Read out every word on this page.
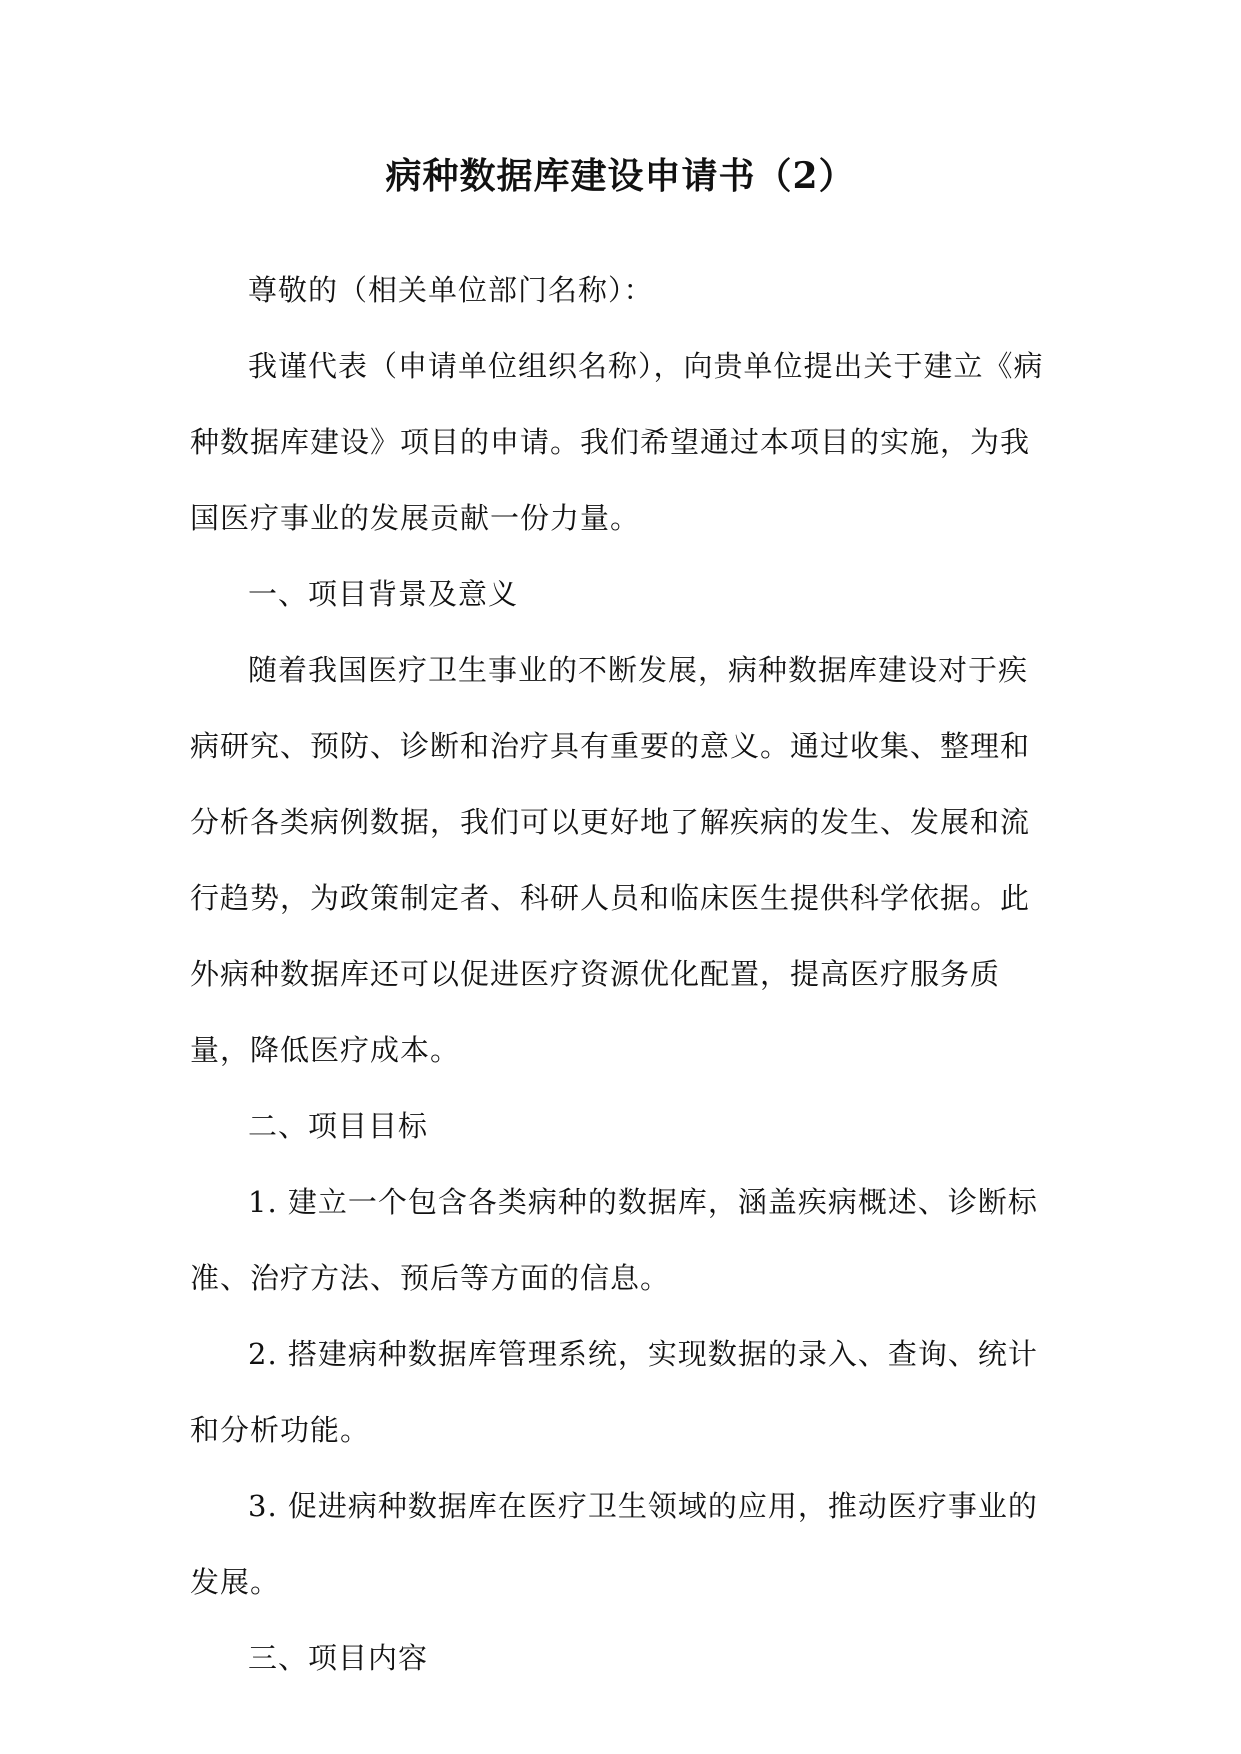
病种数据库建设申请书（2）

尊敬的（相关单位部门名称）：

我谨代表（申请单位组织名称），向贵单位提出关于建立《病种数据库建设》项目的申请。我们希望通过本项目的实施，为我国医疗事业的发展贡献一份力量。

一、项目背景及意义

随着我国医疗卫生事业的不断发展，病种数据库建设对于疾病研究、预防、诊断和治疗具有重要的意义。通过收集、整理和分析各类病例数据，我们可以更好地了解疾病的发生、发展和流行趋势，为政策制定者、科研人员和临床医生提供科学依据。此外病种数据库还可以促进医疗资源优化配置，提高医疗服务质量，降低医疗成本。

二、项目目标

1. 建立一个包含各类病种的数据库，涵盖疾病概述、诊断标准、治疗方法、预后等方面的信息。

2. 搭建病种数据库管理系统，实现数据的录入、查询、统计和分析功能。

3. 促进病种数据库在医疗卫生领域的应用，推动医疗事业的发展。

三、项目内容
